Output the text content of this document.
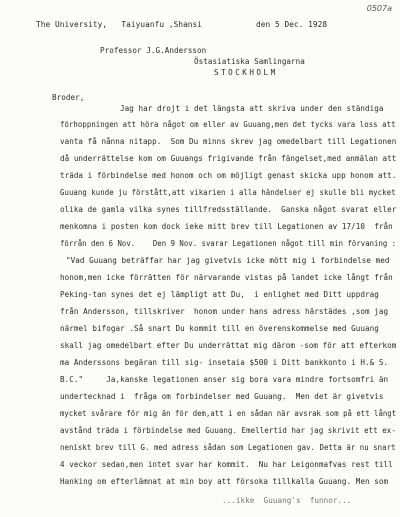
0507a
The University,   Taiyuanfu ,Shansi	den 5 Dec. 1928
Professor J.G.Andersson
Östasiatiska Samlingarna
STOCKHOLM
Broder,
Jag har drojt i det längsta att skriva under den ständiga
förhoppningen att höra något om eller av Guuang,men det tycks vara loss att
vanta få nånna nitapp.  Som Du minns skrev jag omedelbart till Legationen
då underrättelse kom om Guuangs frigivande från fängelset,med anmälan att
träda i förbindelse med honom och om möjligt genast skicka upp honom att.
Guuang kunde ju förstått,att vikarien i alla händelser ej skulle bli mycket
olika de gamla vilka synes tillfredsställande.  Ganska något svarat eller
menkomna i posten kom dock ieke mitt brev till Legationen av 17/10  från
förrån den 6 Nov.    Den 9 Nov. svarar Legationen något till min förvaning :
"Vad Guuang beträffar har jag givetvis icke mött mig i forbindelse med
honom,men icke förrätten för närvarande vistas på landet icke långt från
Peking-tan synes det ej lämpligt att Du,  i enlighet med Ditt uppdrag
från Andersson, tillskriver  honom under hans adress härstädes ,som jag
närmel bifogar .Så snart Du kommit till en överenskommelse med Guuang
skall jag omedelbart efter Du underrättat mig därom -som för att efterkom
ma Anderssons begäran till sig- insetaia $500 i Ditt bankkonto i H.& S.
B.C."     Ja,kanske legationen anser sig bora vara mindre fortsomfri än
undertecknad i  fråga om forbindelser med Guuang.  Men det är givetvis
mycket svårare för mig än för dem,att i en sådan när avsrak som på ett långt
avstånd träda i förbindelse med Guuang. Emellertid har jag skrivit ett ex-
neniskt brev till G. med adress sådan som Legationen gav. Detta är nu snart
4 veckor sedan,men intet svar har kommit.  Nu har Leigonmafvas rest till
Hanking om efterlämnat at min boy att försoka tillkalla Guuang. Men som
...ikke  Guuang's  funnor...
